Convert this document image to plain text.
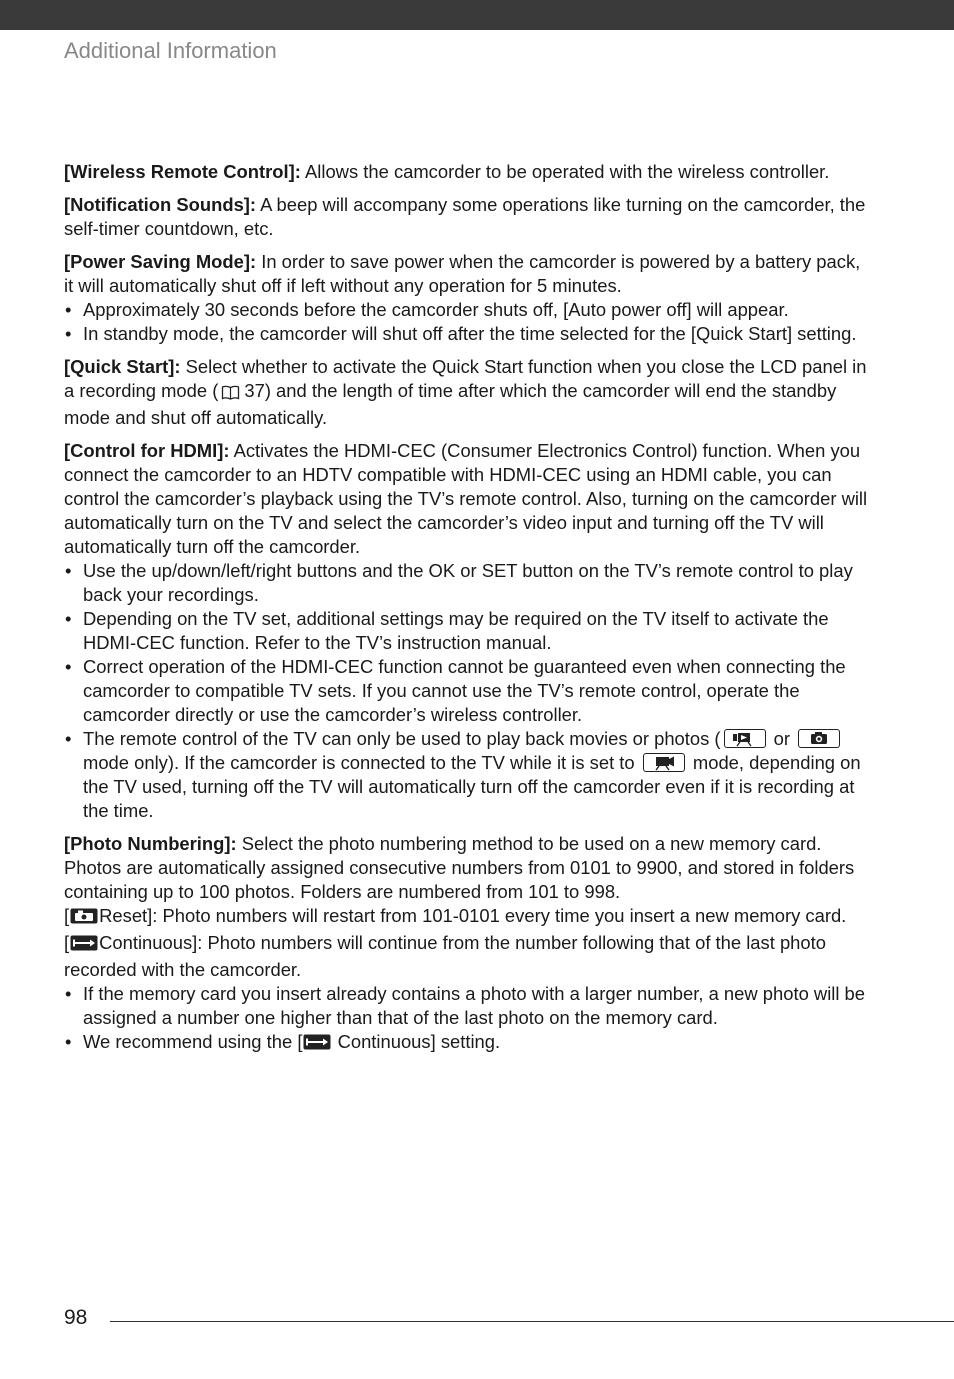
Additional Information

[Wireless Remote Control]: Allows the camcorder to be operated with the wireless controller.

[Notification Sounds]: A beep will accompany some operations like turning on the camcorder, the self-timer countdown, etc.

[Power Saving Mode]: In order to save power when the camcorder is powered by a battery pack, it will automatically shut off if left without any operation for 5 minutes.
• Approximately 30 seconds before the camcorder shuts off, [Auto power off] will appear.
• In standby mode, the camcorder will shut off after the time selected for the [Quick Start] setting.

[Quick Start]: Select whether to activate the Quick Start function when you close the LCD panel in a recording mode ( 37) and the length of time after which the camcorder will end the standby mode and shut off automatically.

[Control for HDMI]: Activates the HDMI-CEC (Consumer Electronics Control) function. When you connect the camcorder to an HDTV compatible with HDMI-CEC using an HDMI cable, you can control the camcorder’s playback using the TV’s remote control. Also, turning on the camcorder will automatically turn on the TV and select the camcorder’s video input and turning off the TV will automatically turn off the camcorder.
• Use the up/down/left/right buttons and the OK or SET button on the TV’s remote control to play back your recordings.
• Depending on the TV set, additional settings may be required on the TV itself to activate the HDMI-CEC function. Refer to the TV’s instruction manual.
• Correct operation of the HDMI-CEC function cannot be guaranteed even when connecting the camcorder to compatible TV sets. If you cannot use the TV’s remote control, operate the camcorder directly or use the camcorder’s wireless controller.
• The remote control of the TV can only be used to play back movies or photos (	or
mode only). If the camcorder is connected to the TV while it is set to	mode, depending on the TV used, turning off the TV will automatically turn off the camcorder even if it is recording at the time.
[Photo Numbering]: Select the photo numbering method to be used on a new memory card. Photos are automatically assigned consecutive numbers from 0101 to 9900, and stored in folders containing up to 100 photos. Folders are numbered from 101 to 998.
[ Reset]: Photo numbers will restart from 101-0101 every time you insert a new memory card.
[ Continuous]: Photo numbers will continue from the number following that of the last photo recorded with the camcorder.
• If the memory card you insert already contains a photo with a larger number, a new photo will be assigned a number one higher than that of the last photo on the memory card.
• We recommend using the [ Continuous] setting.
98
